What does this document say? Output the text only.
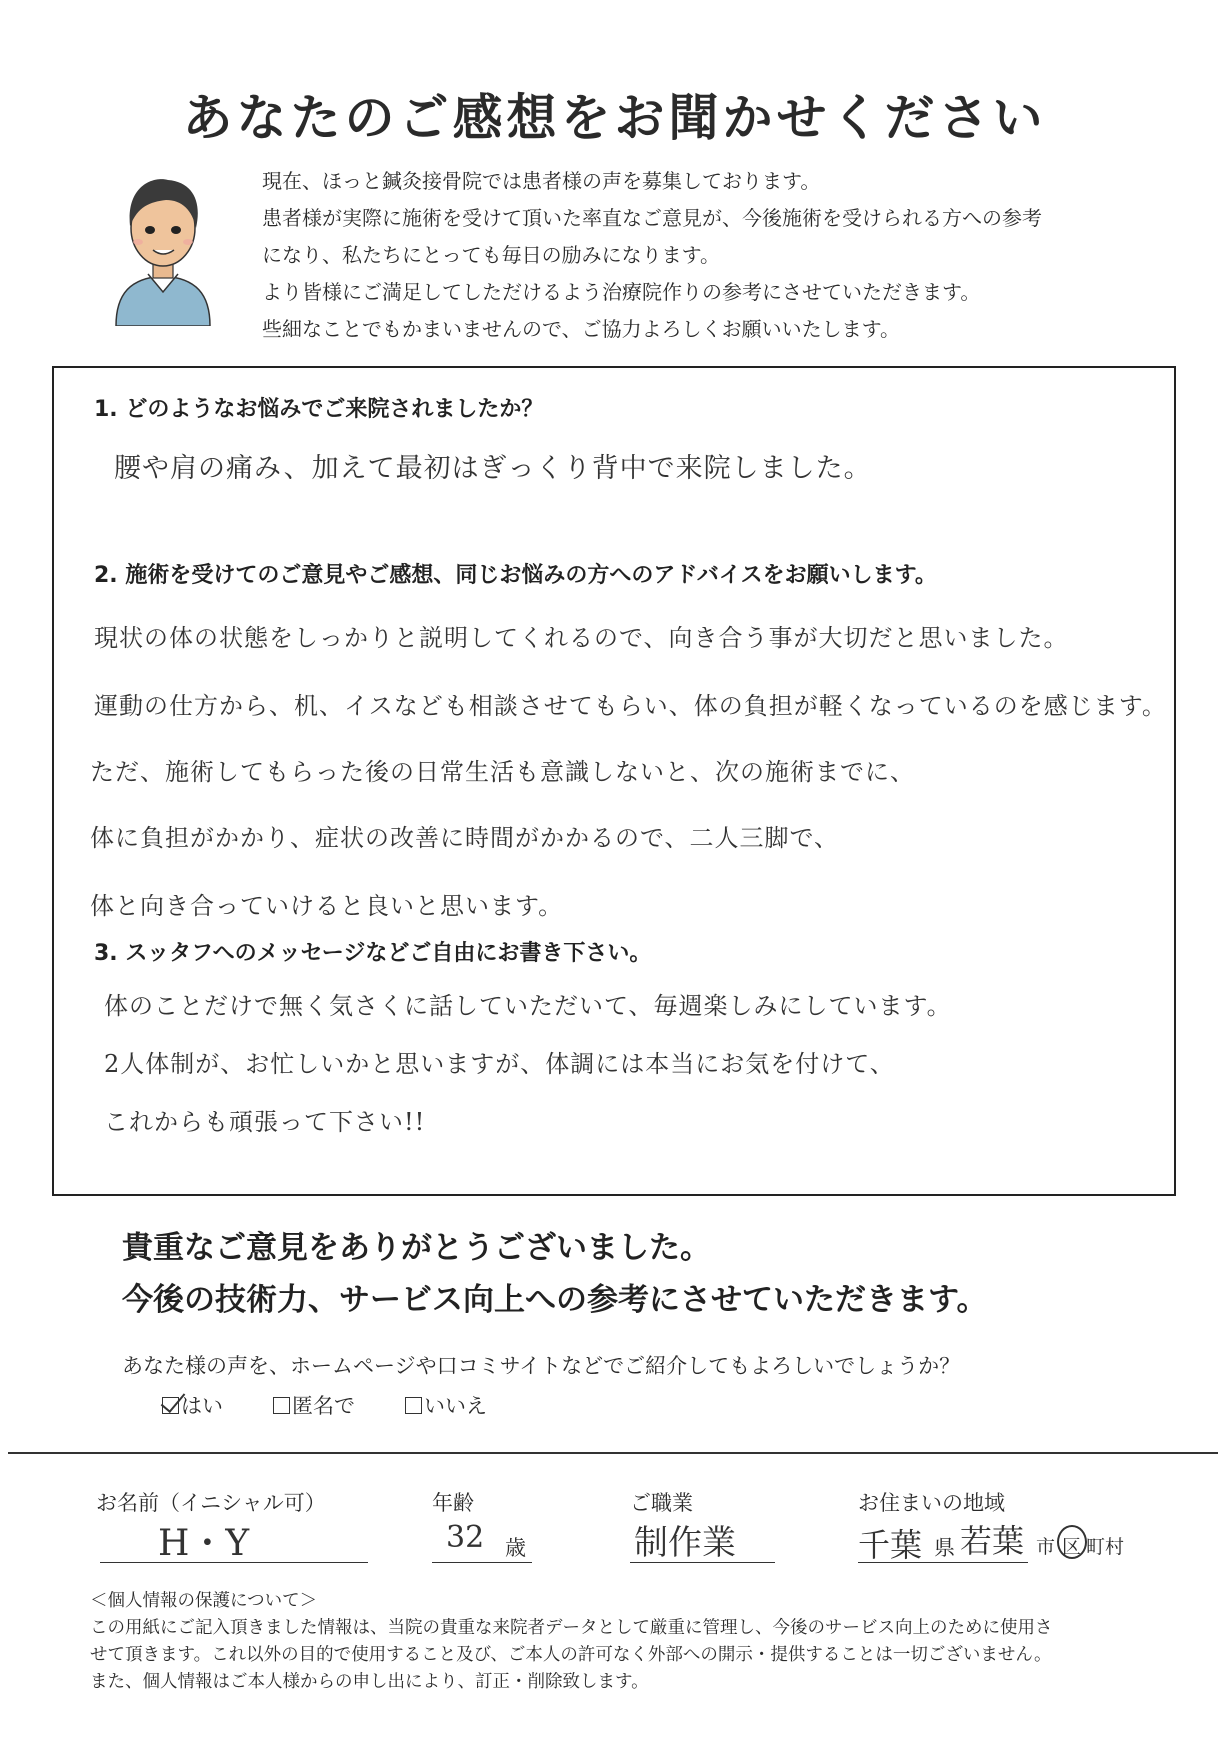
あなたのご感想をお聞かせください
現在、ほっと鍼灸接骨院では患者様の声を募集しております。
患者様が実際に施術を受けて頂いた率直なご意見が、今後施術を受けられる方への参考
になり、私たちにとっても毎日の励みになります。
より皆様にご満足してしただけるよう治療院作りの参考にさせていただきます。
些細なことでもかまいませんので、ご協力よろしくお願いいたします。
1. どのようなお悩みでご来院されましたか？
腰や肩の痛み、加えて最初はぎっくり背中で来院しました。
2. 施術を受けてのご意見やご感想、同じお悩みの方へのアドバイスをお願いします。
現状の体の状態をしっかりと説明してくれるので、向き合う事が大切だと思いました。
運動の仕方から、机、イスなども相談させてもらい、体の負担が軽くなっているのを感じます。
ただ、施術してもらった後の日常生活も意識しないと、次の施術までに、
体に負担がかかり、症状の改善に時間がかかるので、二人三脚で、
体と向き合っていけると良いと思います。
3. スッタフへのメッセージなどご自由にお書き下さい。
体のことだけで無く気さくに話していただいて、毎週楽しみにしています。
2人体制が、お忙しいかと思いますが、体調には本当にお気を付けて、
これからも頑張って下さい!!
貴重なご意見をありがとうございました。
今後の技術力、サービス向上への参考にさせていただきます。
あなた様の声を、ホームページや口コミサイトなどでご紹介してもよろしいでしょうか？
はい	匿名で	いいえ
お名前（イニシャル可）
H・Y
年齢
32 歳
ご職業
制作業
お住まいの地域
千葉 県 若葉 市 区 町村
＜個人情報の保護について＞
この用紙にご記入頂きました情報は、当院の貴重な来院者データとして厳重に管理し、今後のサービス向上のために使用さ
せて頂きます。これ以外の目的で使用すること及び、ご本人の許可なく外部への開示・提供することは一切ございません。
また、個人情報はご本人様からの申し出により、訂正・削除致します。
